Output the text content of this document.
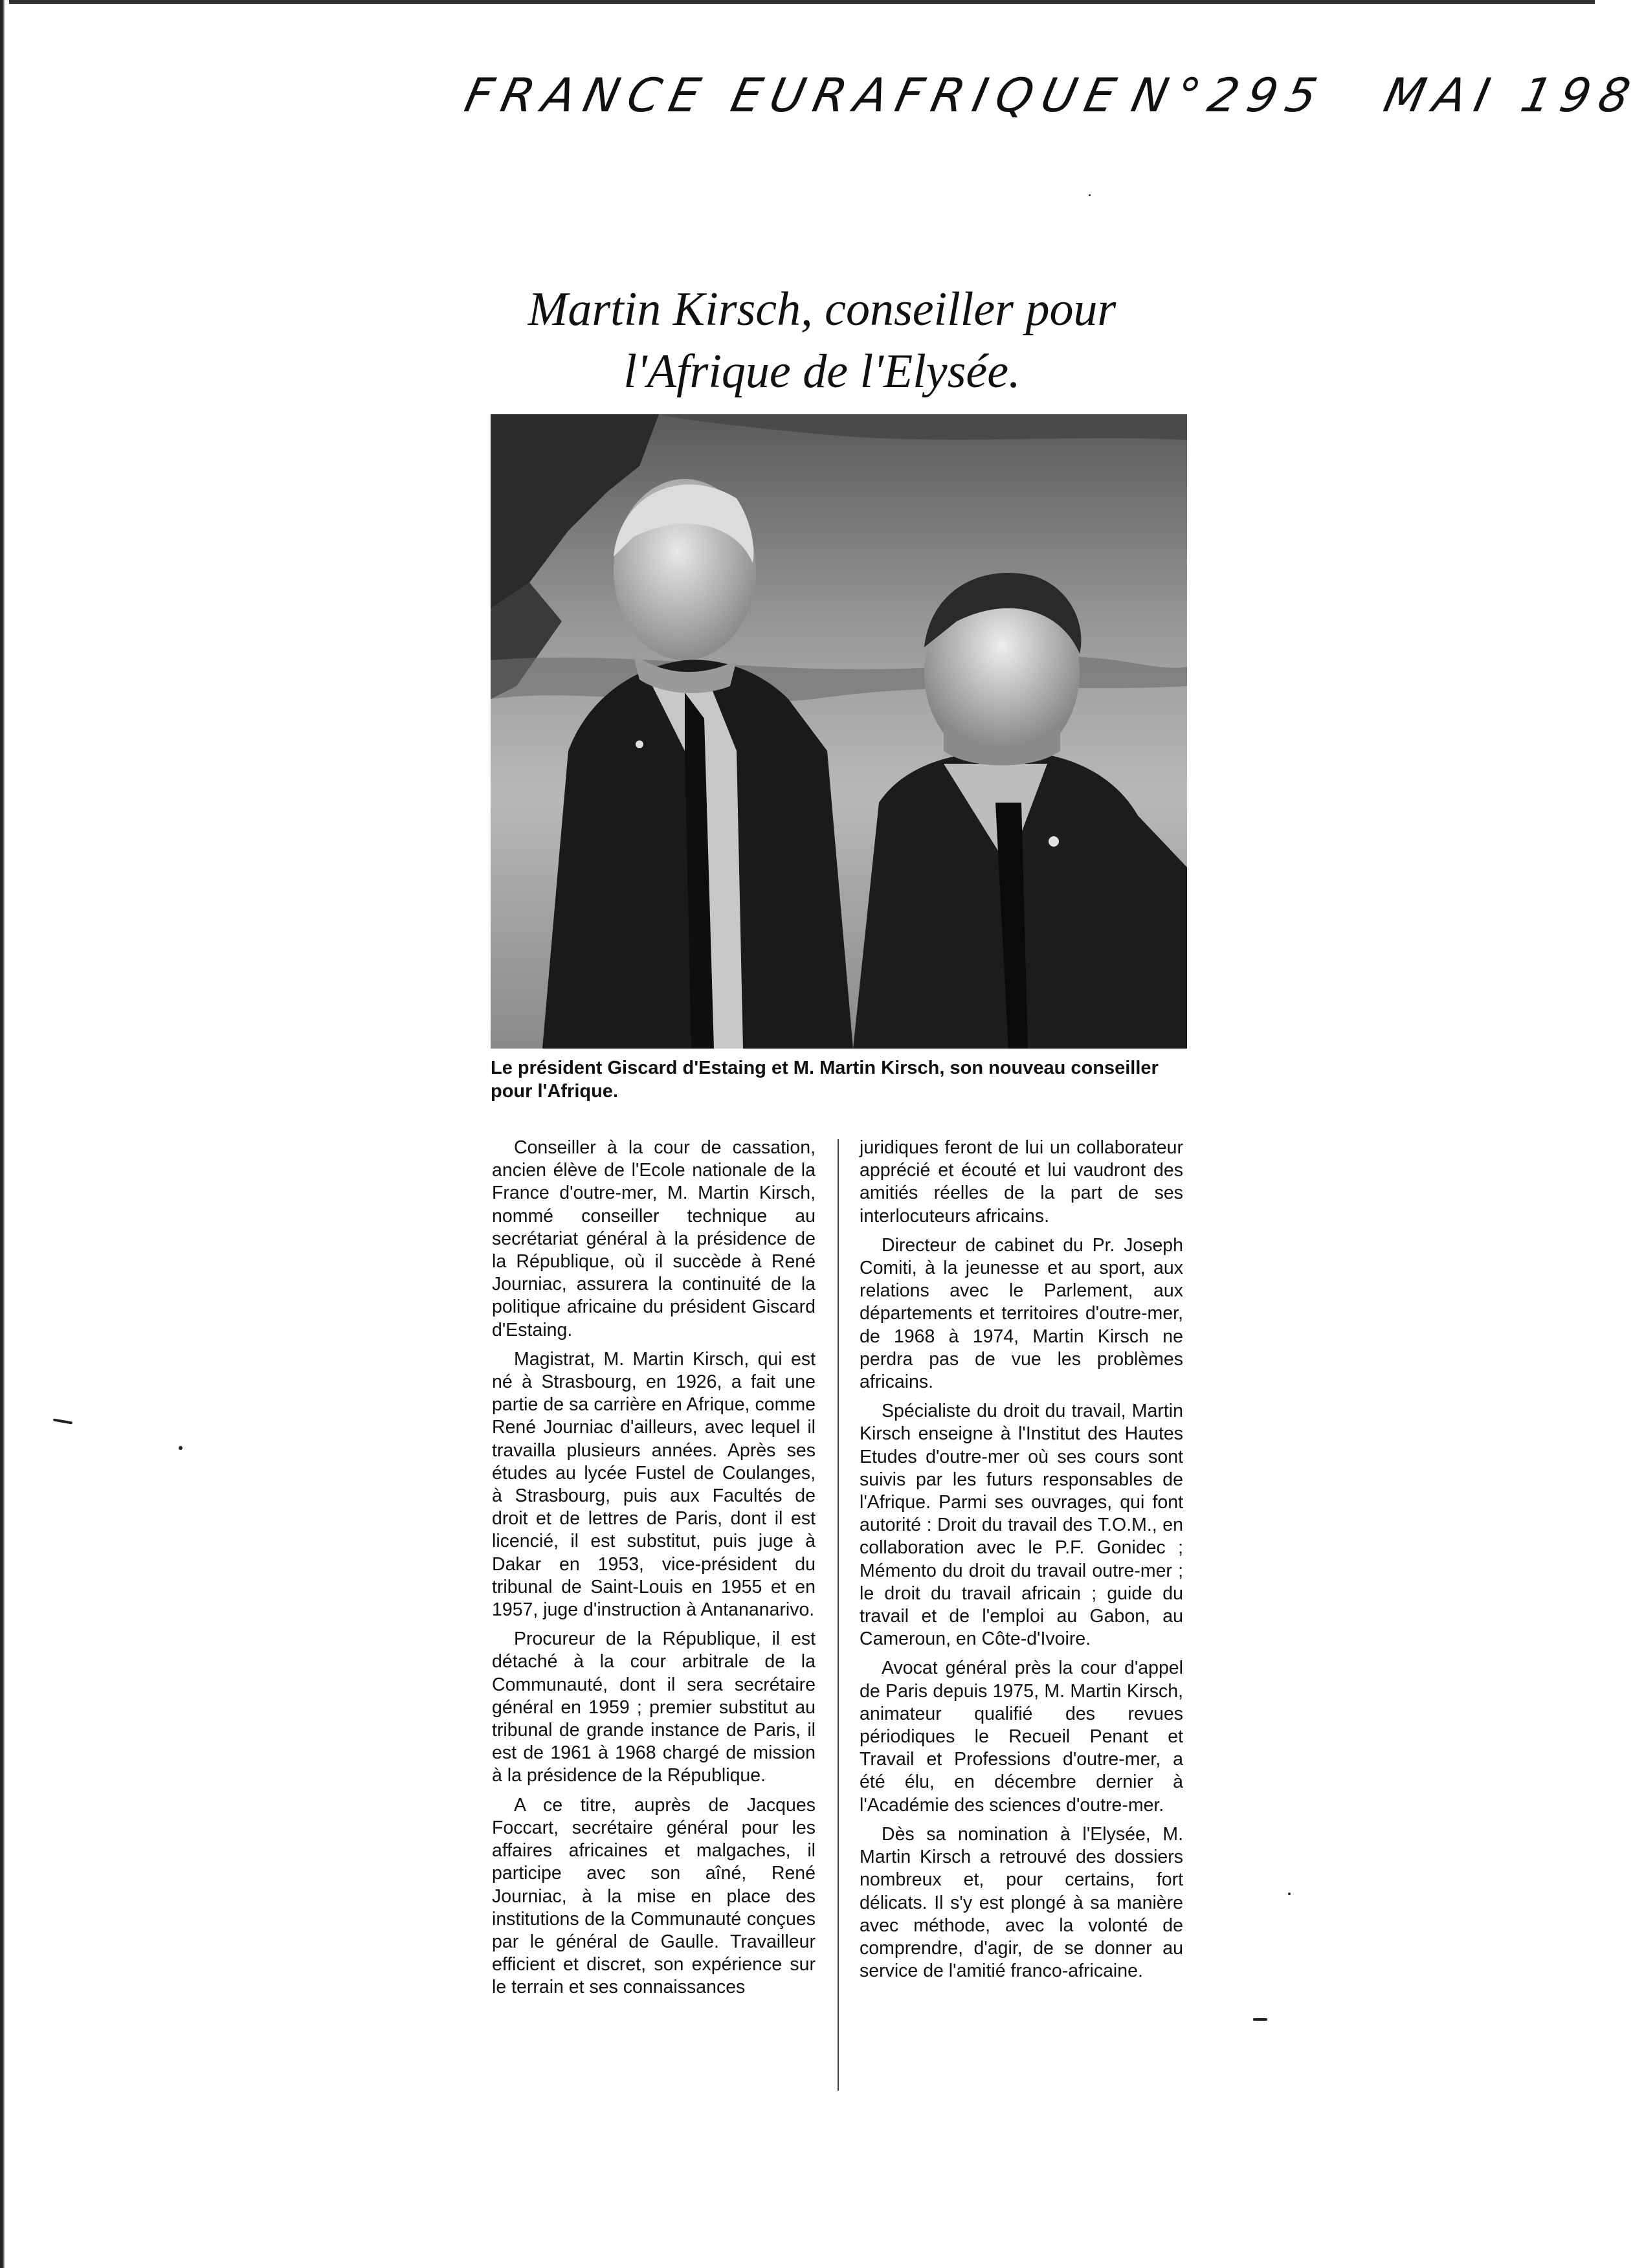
FRANCE EURAFRIQUE
N°295 MAI 198
Martin Kirsch, conseiller pour
l'Afrique de l'Elysée.
Le président Giscard d'Estaing et M. Martin Kirsch, son nouveau conseiller pour l'Afrique.

Conseiller à la cour de cassation, ancien élève de l'Ecole nationale de la France d'outre-mer, M. Martin Kirsch, nommé conseiller technique au secrétariat général à la présidence de la République, où il succède à René Journiac, assurera la continuité de la politique africaine du président Giscard d'Estaing.

Magistrat, M. Martin Kirsch, qui est né à Strasbourg, en 1926, a fait une partie de sa carrière en Afrique, comme René Journiac d'ailleurs, avec lequel il travailla plusieurs années. Après ses études au lycée Fustel de Coulanges, à Strasbourg, puis aux Facultés de droit et de lettres de Paris, dont il est licencié, il est substitut, puis juge à Dakar en 1953, vice-président du tribunal de Saint-Louis en 1955 et en 1957, juge d'instruction à Antananarivo.

Procureur de la République, il est détaché à la cour arbitrale de la Communauté, dont il sera secrétaire général en 1959 ; premier substitut au tribunal de grande instance de Paris, il est de 1961 à 1968 chargé de mission à la présidence de la République.

A ce titre, auprès de Jacques Foccart, secrétaire général pour les affaires africaines et malgaches, il participe avec son aîné, René Journiac, à la mise en place des institutions de la Communauté conçues par le général de Gaulle. Travailleur efficient et discret, son expérience sur le terrain et ses connaissances

juridiques feront de lui un collaborateur apprécié et écouté et lui vaudront des amitiés réelles de la part de ses interlocuteurs africains.

Directeur de cabinet du Pr. Joseph Comiti, à la jeunesse et au sport, aux relations avec le Parlement, aux départements et territoires d'outre-mer, de 1968 à 1974, Martin Kirsch ne perdra pas de vue les problèmes africains.

Spécialiste du droit du travail, Martin Kirsch enseigne à l'Institut des Hautes Etudes d'outre-mer où ses cours sont suivis par les futurs responsables de l'Afrique. Parmi ses ouvrages, qui font autorité : Droit du travail des T.O.M., en collaboration avec le P.F. Gonidec ; Mémento du droit du travail outre-mer ; le droit du travail africain ; guide du travail et de l'emploi au Gabon, au Cameroun, en Côte-d'Ivoire.

Avocat général près la cour d'appel de Paris depuis 1975, M. Martin Kirsch, animateur qualifié des revues périodiques le Recueil Penant et Travail et Professions d'outre-mer, a été élu, en décembre dernier à l'Académie des sciences d'outre-mer.

Dès sa nomination à l'Elysée, M. Martin Kirsch a retrouvé des dossiers nombreux et, pour certains, fort délicats. Il s'y est plongé à sa manière avec méthode, avec la volonté de comprendre, d'agir, de se donner au service de l'amitié franco-africaine.
